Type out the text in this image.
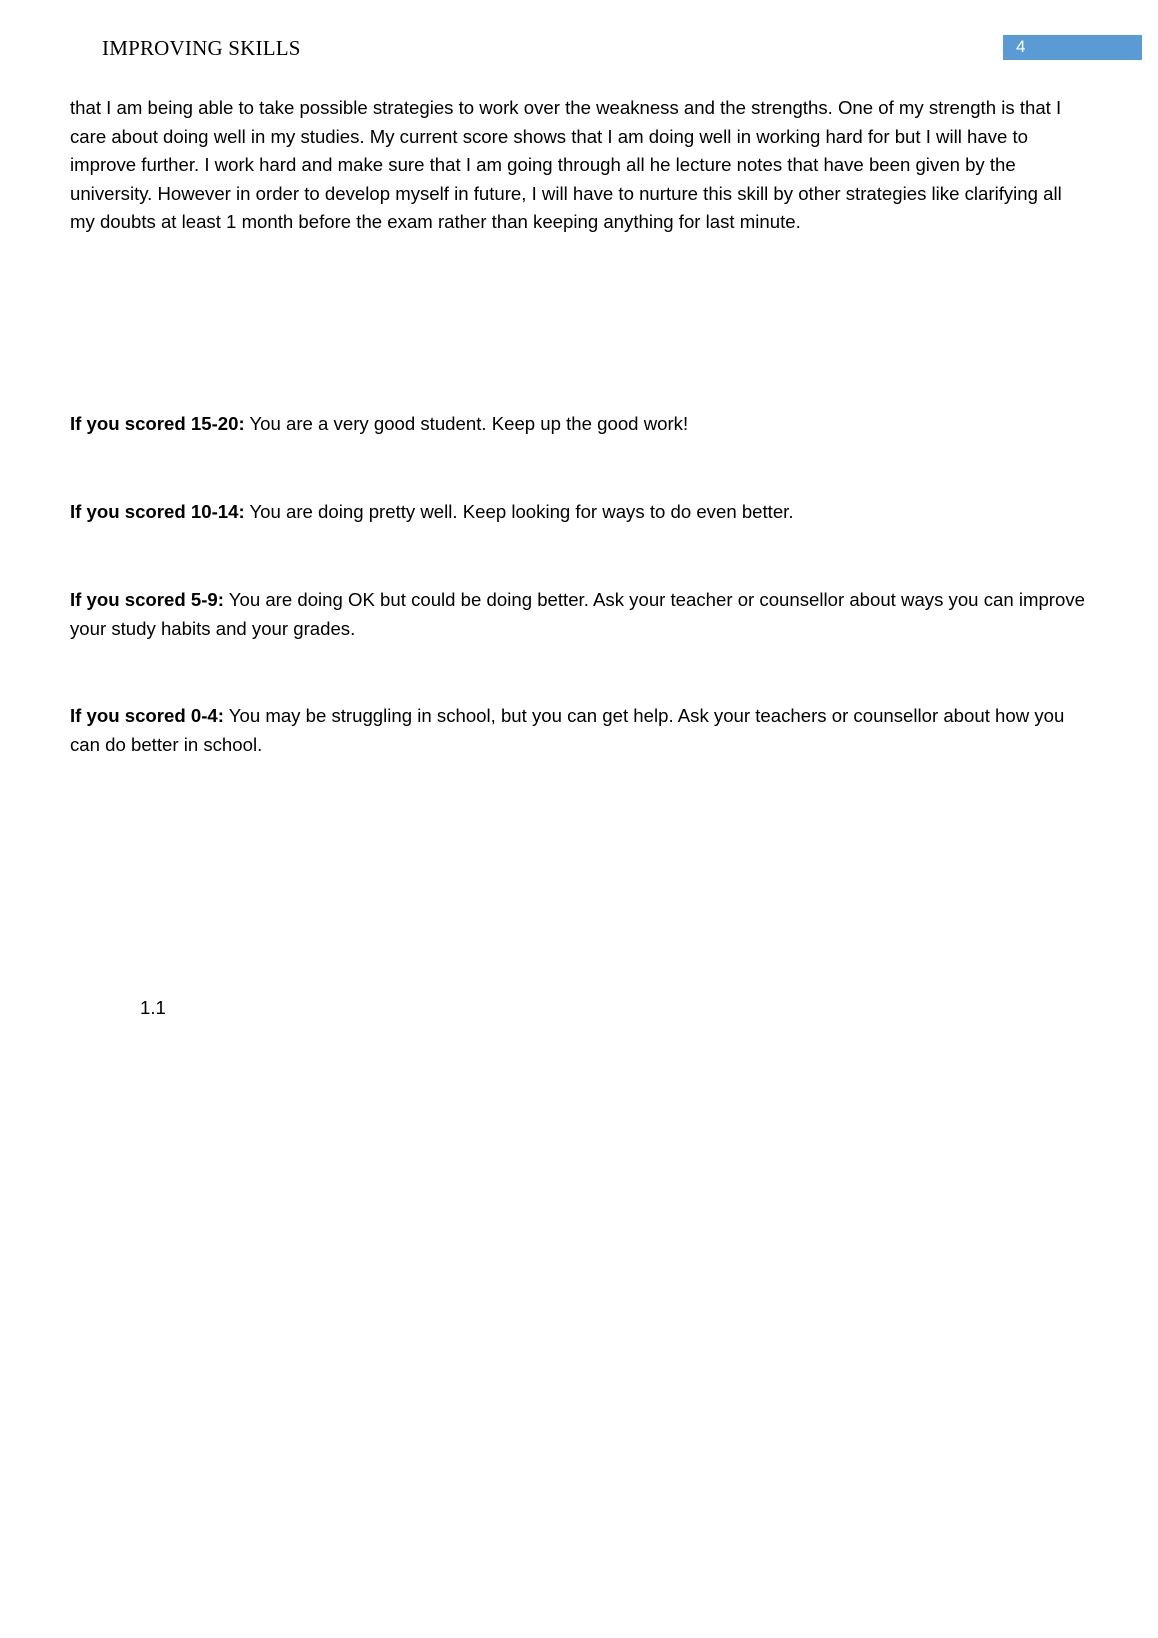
IMPROVING SKILLS	4

that I am being able to take possible strategies to work over the weakness and the strengths. One of my strength is that I care about doing well in my studies. My current score shows that I am doing well in working hard for but I will have to improve further. I work hard and make sure that I am going through all he lecture notes that have been given by the university. However in order to develop myself in future, I will have to nurture this skill by other strategies like clarifying all my doubts at least 1 month before the exam rather than keeping anything for last minute.

If you scored 15-20: You are a very good student. Keep up the good work!

If you scored 10-14: You are doing pretty well. Keep looking for ways to do even better.

If you scored 5-9: You are doing OK but could be doing better. Ask your teacher or counsellor about ways you can improve your study habits and your grades.

If you scored 0-4: You may be struggling in school, but you can get help. Ask your teachers or counsellor about how you can do better in school.

1.1
